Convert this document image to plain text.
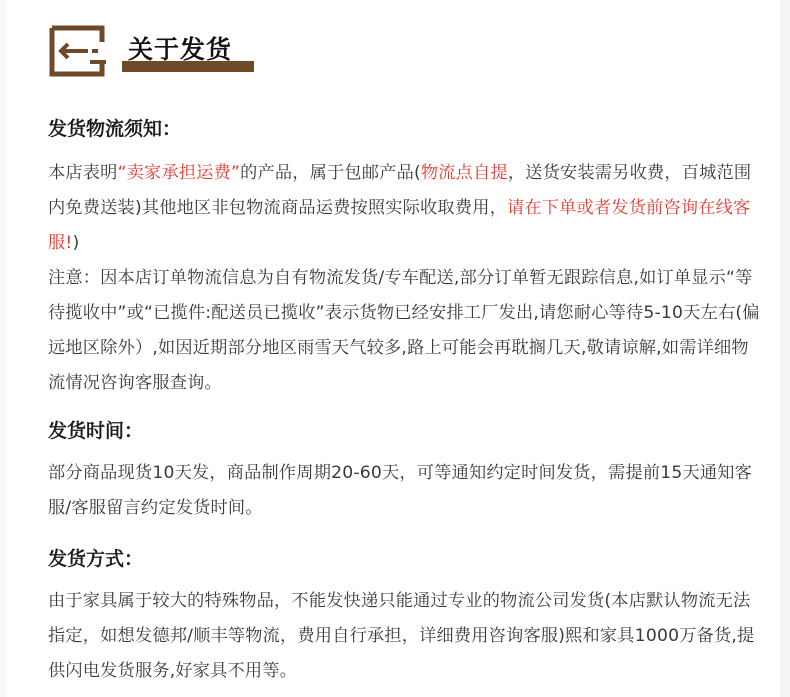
关于发货
发货物流须知：

本店表明“卖家承担运费”的产品，属于包邮产品(物流点自提，送货安装需另收费，百城范围内免费送装)其他地区非包物流商品运费按照实际收取费用，请在下单或者发货前咨询在线客服!)

注意：因本店订单物流信息为自有物流发货/专车配送,部分订单暂无跟踪信息,如订单显示“等待揽收中”或“已揽件:配送员已揽收”表示货物已经安排工厂发出,请您耐心等待5-10天左右(偏远地区除外）,如因近期部分地区雨雪天气较多,路上可能会再耽搁几天,敬请谅解,如需详细物流情况咨询客服查询。

发货时间：

部分商品现货10天发，商品制作周期20-60天，可等通知约定时间发货，需提前15天通知客服/客服留言约定发货时间。

发货方式：

由于家具属于较大的特殊物品，不能发快递只能通过专业的物流公司发货(本店默认物流无法指定，如想发德邦/顺丰等物流，费用自行承担，详细费用咨询客服)熙和家具1000万备货,提供闪电发货服务,好家具不用等。
